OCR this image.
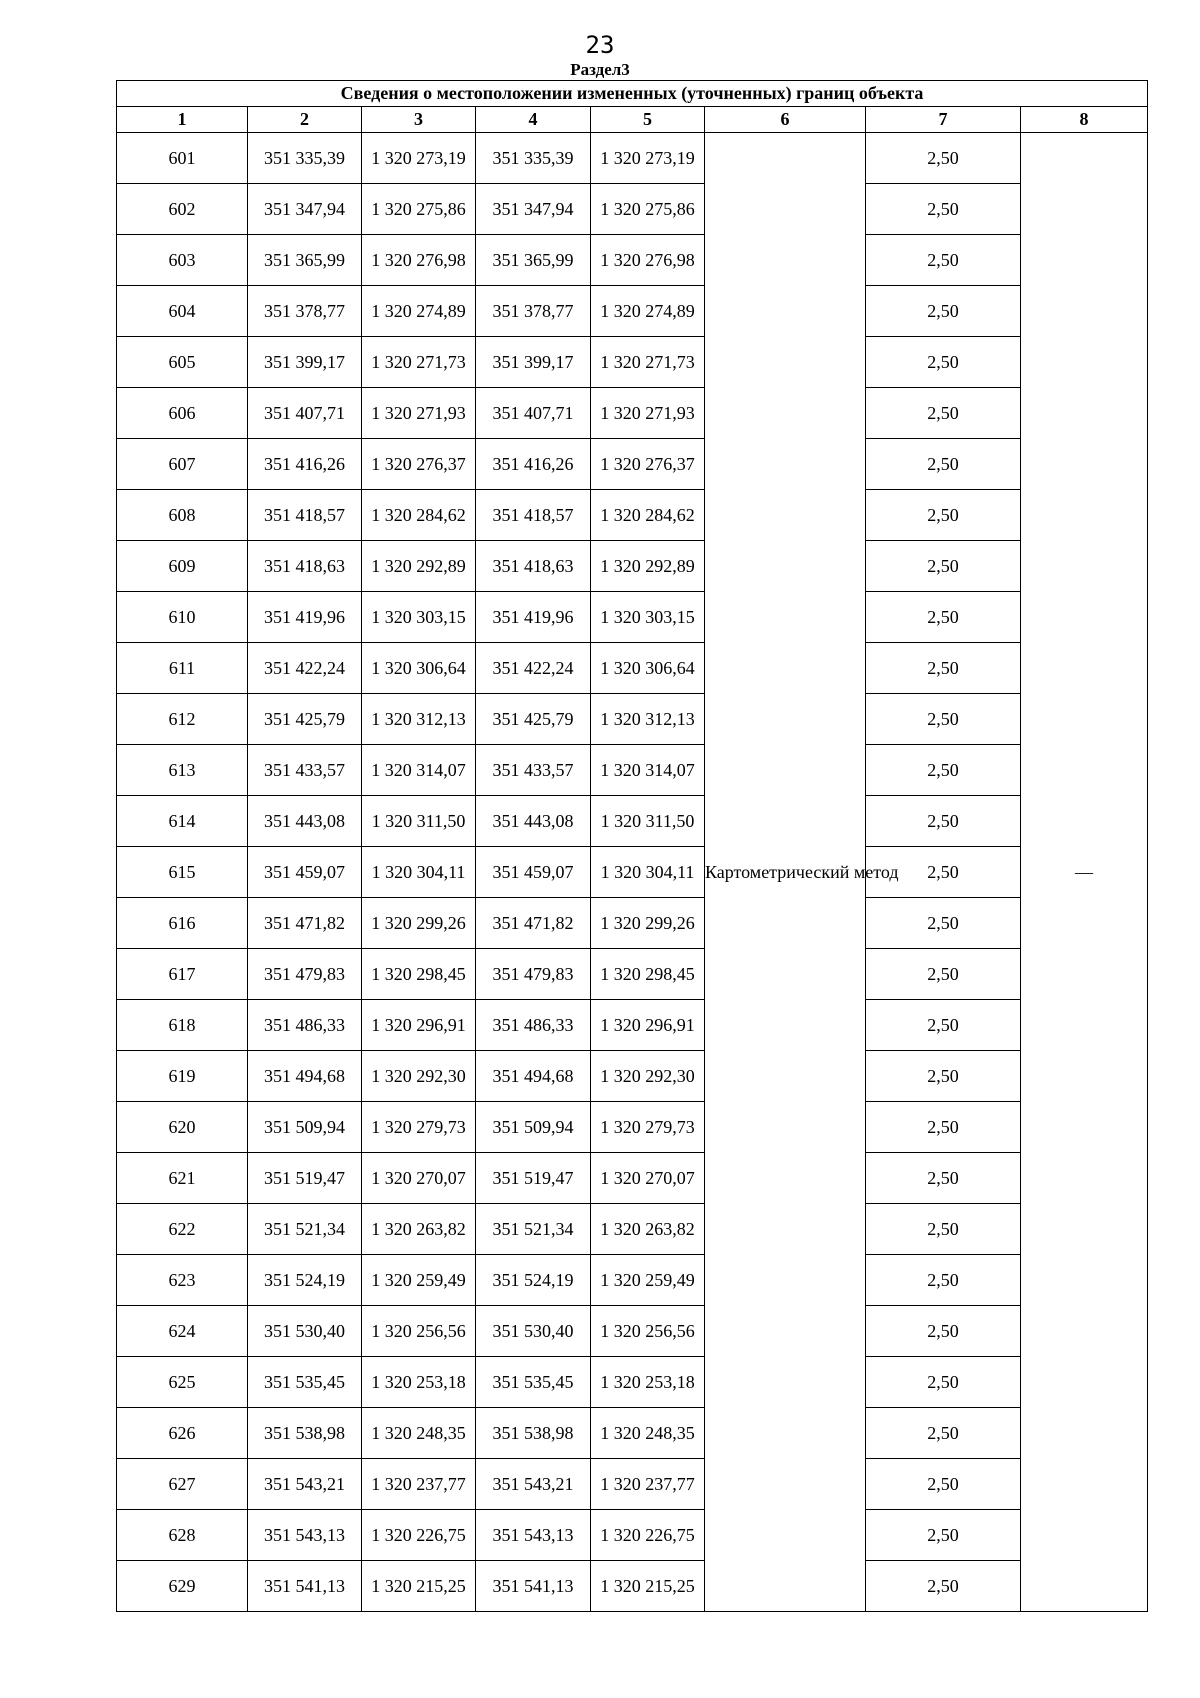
23
Раздел3
Сведения о местоположении измененных (уточненных) границ объекта							
1	2	3	4	5	6	7	8
601	351 335,39	1 320 273,19	351 335,39	1 320 273,19	Картометрический метод	2,50	—
602	351 347,94	1 320 275,86	351 347,94	1 320 275,86		2,50	
603	351 365,99	1 320 276,98	351 365,99	1 320 276,98		2,50	
604	351 378,77	1 320 274,89	351 378,77	1 320 274,89		2,50	
605	351 399,17	1 320 271,73	351 399,17	1 320 271,73		2,50	
606	351 407,71	1 320 271,93	351 407,71	1 320 271,93		2,50	
607	351 416,26	1 320 276,37	351 416,26	1 320 276,37		2,50	
608	351 418,57	1 320 284,62	351 418,57	1 320 284,62		2,50	
609	351 418,63	1 320 292,89	351 418,63	1 320 292,89		2,50	
610	351 419,96	1 320 303,15	351 419,96	1 320 303,15		2,50	
611	351 422,24	1 320 306,64	351 422,24	1 320 306,64		2,50	
612	351 425,79	1 320 312,13	351 425,79	1 320 312,13		2,50	
613	351 433,57	1 320 314,07	351 433,57	1 320 314,07		2,50	
614	351 443,08	1 320 311,50	351 443,08	1 320 311,50		2,50	
615	351 459,07	1 320 304,11	351 459,07	1 320 304,11		2,50	
616	351 471,82	1 320 299,26	351 471,82	1 320 299,26		2,50	
617	351 479,83	1 320 298,45	351 479,83	1 320 298,45		2,50	
618	351 486,33	1 320 296,91	351 486,33	1 320 296,91		2,50	
619	351 494,68	1 320 292,30	351 494,68	1 320 292,30		2,50	
620	351 509,94	1 320 279,73	351 509,94	1 320 279,73		2,50	
621	351 519,47	1 320 270,07	351 519,47	1 320 270,07		2,50	
622	351 521,34	1 320 263,82	351 521,34	1 320 263,82		2,50	
623	351 524,19	1 320 259,49	351 524,19	1 320 259,49		2,50	
624	351 530,40	1 320 256,56	351 530,40	1 320 256,56		2,50	
625	351 535,45	1 320 253,18	351 535,45	1 320 253,18		2,50	
626	351 538,98	1 320 248,35	351 538,98	1 320 248,35		2,50	
627	351 543,21	1 320 237,77	351 543,21	1 320 237,77		2,50	
628	351 543,13	1 320 226,75	351 543,13	1 320 226,75		2,50	
629	351 541,13	1 320 215,25	351 541,13	1 320 215,25		2,50	
